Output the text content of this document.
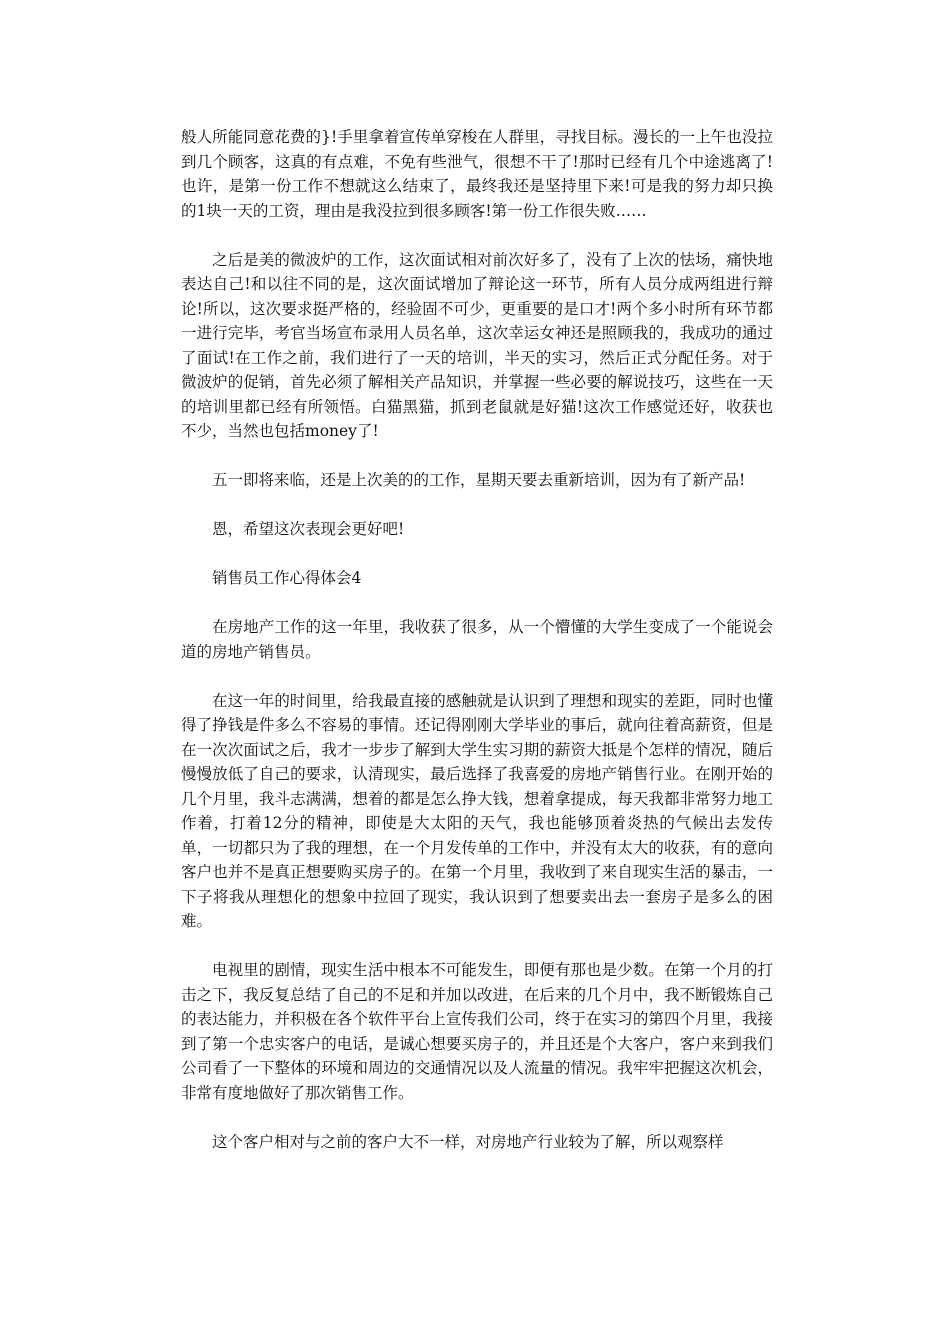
般人所能同意花费的}!手里拿着宣传单穿梭在人群里，寻找目标。漫长的一上午也没拉到几个顾客，这真的有点难，不免有些泄气，很想不干了!那时已经有几个中途逃离了!也许，是第一份工作不想就这么结束了，最终我还是坚持里下来!可是我的努力却只换的1块一天的工资，理由是我没拉到很多顾客!第一份工作很失败……

之后是美的微波炉的工作，这次面试相对前次好多了，没有了上次的怯场，痛快地表达自己!和以往不同的是，这次面试增加了辩论这一环节，所有人员分成两组进行辩论!所以，这次要求挺严格的，经验固不可少，更重要的是口才!两个多小时所有环节都一进行完毕，考官当场宣布录用人员名单，这次幸运女神还是照顾我的，我成功的通过了面试!在工作之前，我们进行了一天的培训，半天的实习，然后正式分配任务。对于微波炉的促销，首先必须了解相关产品知识，并掌握一些必要的解说技巧，这些在一天的培训里都已经有所领悟。白猫黑猫，抓到老鼠就是好猫!这次工作感觉还好，收获也不少，当然也包括money了!

五一即将来临，还是上次美的的工作，星期天要去重新培训，因为有了新产品!

恩，希望这次表现会更好吧!

销售员工作心得体会4

在房地产工作的这一年里，我收获了很多，从一个懵懂的大学生变成了一个能说会道的房地产销售员。

在这一年的时间里，给我最直接的感触就是认识到了理想和现实的差距，同时也懂得了挣钱是件多么不容易的事情。还记得刚刚大学毕业的事后，就向往着高薪资，但是在一次次面试之后，我才一步步了解到大学生实习期的薪资大抵是个怎样的情况，随后慢慢放低了自己的要求，认清现实，最后选择了我喜爱的房地产销售行业。在刚开始的几个月里，我斗志满满，想着的都是怎么挣大钱，想着拿提成，每天我都非常努力地工作着，打着12分的精神，即使是大太阳的天气，我也能够顶着炎热的气候出去发传单，一切都只为了我的理想，在一个月发传单的工作中，并没有太大的收获，有的意向客户也并不是真正想要购买房子的。在第一个月里，我收到了来自现实生活的暴击，一下子将我从理想化的想象中拉回了现实，我认识到了想要卖出去一套房子是多么的困难。

电视里的剧情，现实生活中根本不可能发生，即便有那也是少数。在第一个月的打击之下，我反复总结了自己的不足和并加以改进，在后来的几个月中，我不断锻炼自己的表达能力，并积极在各个软件平台上宣传我们公司，终于在实习的第四个月里，我接到了第一个忠实客户的电话，是诚心想要买房子的，并且还是个大客户，客户来到我们公司看了一下整体的环境和周边的交通情况以及人流量的情况。我牢牢把握这次机会，非常有度地做好了那次销售工作。

这个客户相对与之前的客户大不一样，对房地产行业较为了解，所以观察样
